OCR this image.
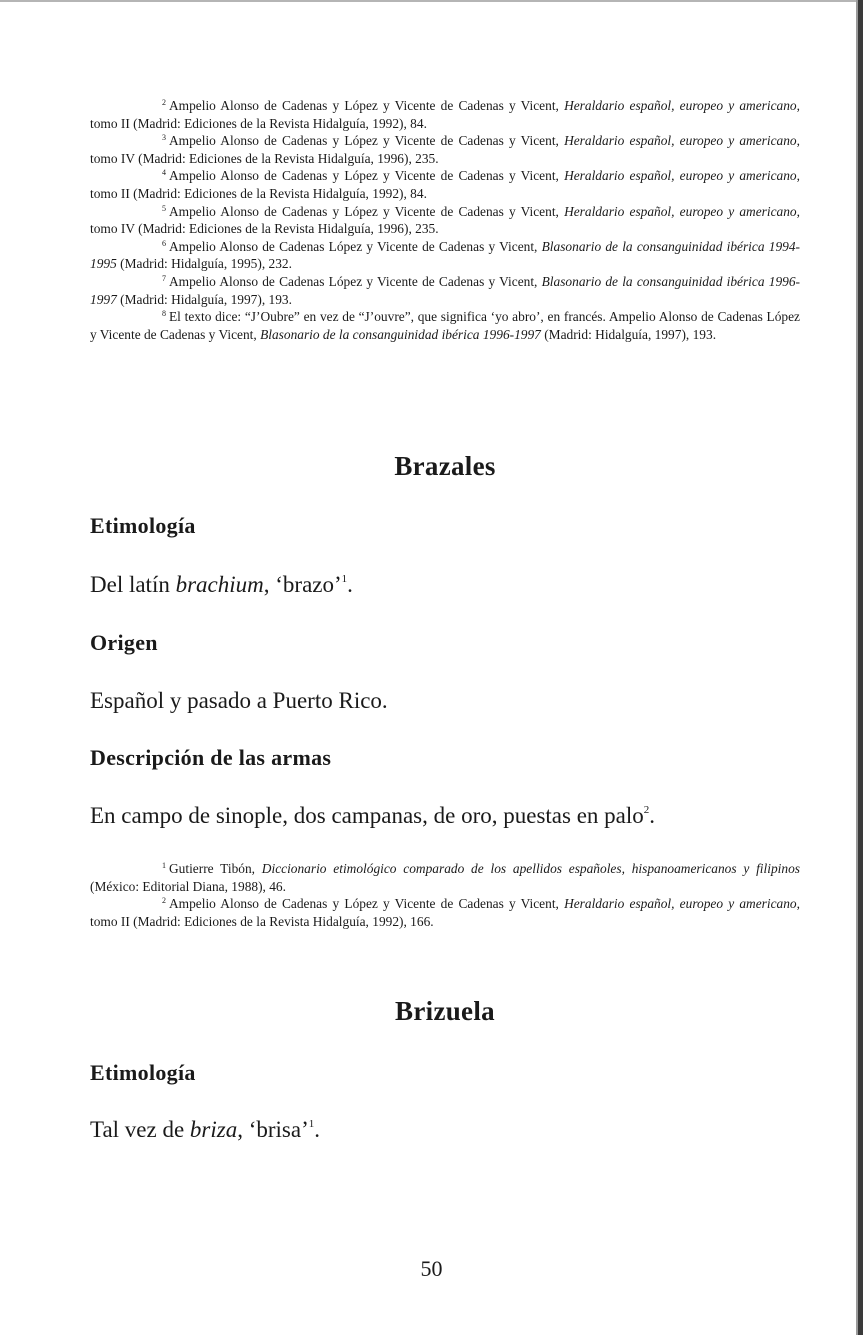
$^2$ Ampelio Alonso de Cadenas y López y Vicente de Cadenas y Vicent, Heraldario español, europeo y americano, tomo II (Madrid: Ediciones de la Revista Hidalguía, 1992), 84.

$^3$ Ampelio Alonso de Cadenas y López y Vicente de Cadenas y Vicent, Heraldario español, europeo y americano, tomo IV (Madrid: Ediciones de la Revista Hidalguía, 1996), 235.

$^4$ Ampelio Alonso de Cadenas y López y Vicente de Cadenas y Vicent, Heraldario español, europeo y americano, tomo II (Madrid: Ediciones de la Revista Hidalguía, 1992), 84.

$^5$ Ampelio Alonso de Cadenas y López y Vicente de Cadenas y Vicent, Heraldario español, europeo y americano, tomo IV (Madrid: Ediciones de la Revista Hidalguía, 1996), 235.

$^6$ Ampelio Alonso de Cadenas López y Vicente de Cadenas y Vicent, Blasonario de la consanguinidad ibérica 1994-1995 (Madrid: Hidalguía, 1995), 232.

$^7$ Ampelio Alonso de Cadenas López y Vicente de Cadenas y Vicent, Blasonario de la consanguinidad ibérica 1996-1997 (Madrid: Hidalguía, 1997), 193.

$^8$ El texto dice: “J’Oubre” en vez de “J’ouvre”, que significa ‘yo abro’, en francés. Ampelio Alonso de Cadenas López y Vicente de Cadenas y Vicent, Blasonario de la consanguinidad ibérica 1996-1997 (Madrid: Hidalguía, 1997), 193.

Brazales
Etimología

Del latín brachium, ‘brazo’$^1$.

Origen

Español y pasado a Puerto Rico.

Descripción de las armas

En campo de sinople, dos campanas, de oro, puestas en palo$^2$.

$^1$ Gutierre Tibón, Diccionario etimológico comparado de los apellidos españoles, hispanoamericanos y filipinos (México: Editorial Diana, 1988), 46.

$^2$ Ampelio Alonso de Cadenas y López y Vicente de Cadenas y Vicent, Heraldario español, europeo y americano, tomo II (Madrid: Ediciones de la Revista Hidalguía, 1992), 166.

Brizuela
Etimología

Tal vez de briza, ‘brisa’$^1$.

50
